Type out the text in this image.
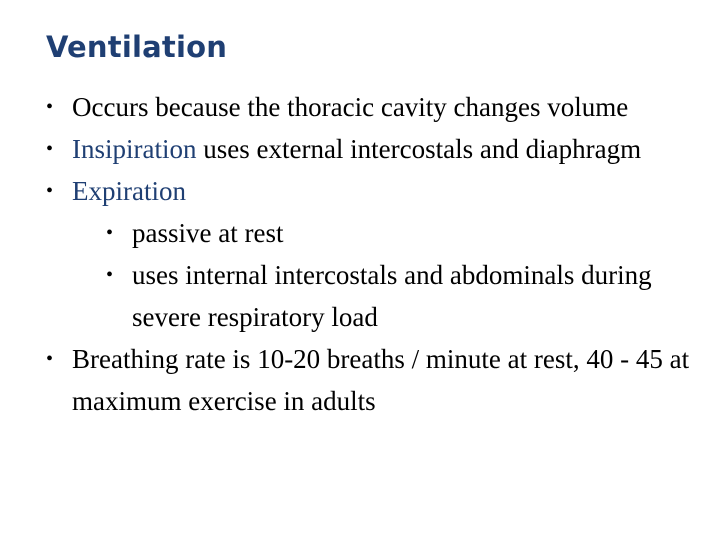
Ventilation
• Occurs because the thoracic cavity changes volume
• Insipiration uses external intercostals and diaphragm
• Expiration
• passive at rest
• uses internal intercostals and abdominals during severe respiratory load
• Breathing rate is 10-20 breaths / minute at rest, 40 - 45 at maximum exercise in adults
